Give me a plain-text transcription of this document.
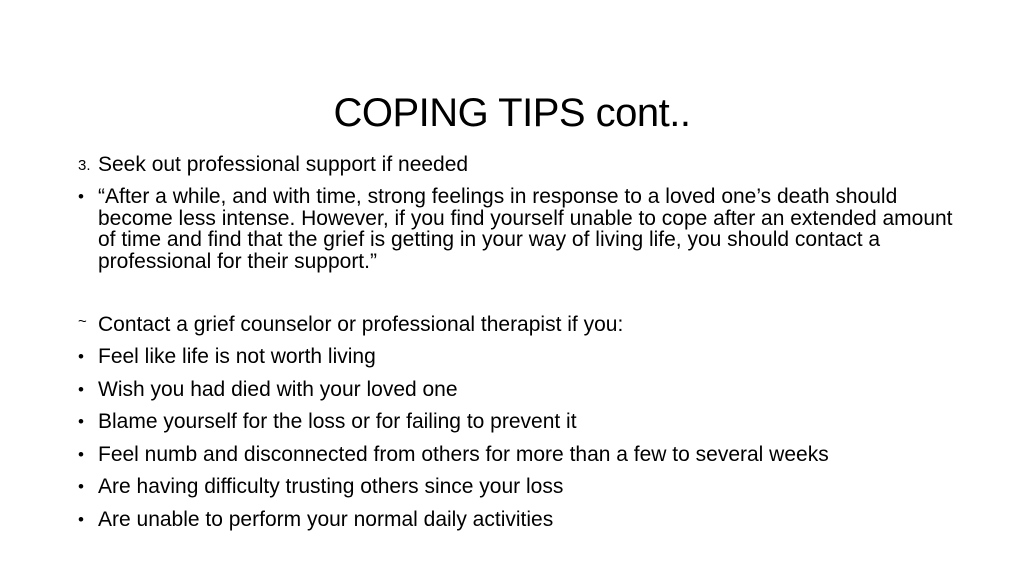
COPING TIPS cont..
3. Seek out professional support if needed
• “After a while, and with time, strong feelings in response to a loved one’s death should become less intense. However, if you find yourself unable to cope after an extended amount of time and find that the grief is getting in your way of living life, you should contact a professional for their support.”
~ Contact a grief counselor or professional therapist if you:
• Feel like life is not worth living
• Wish you had died with your loved one
• Blame yourself for the loss or for failing to prevent it
• Feel numb and disconnected from others for more than a few to several weeks
• Are having difficulty trusting others since your loss
• Are unable to perform your normal daily activities
